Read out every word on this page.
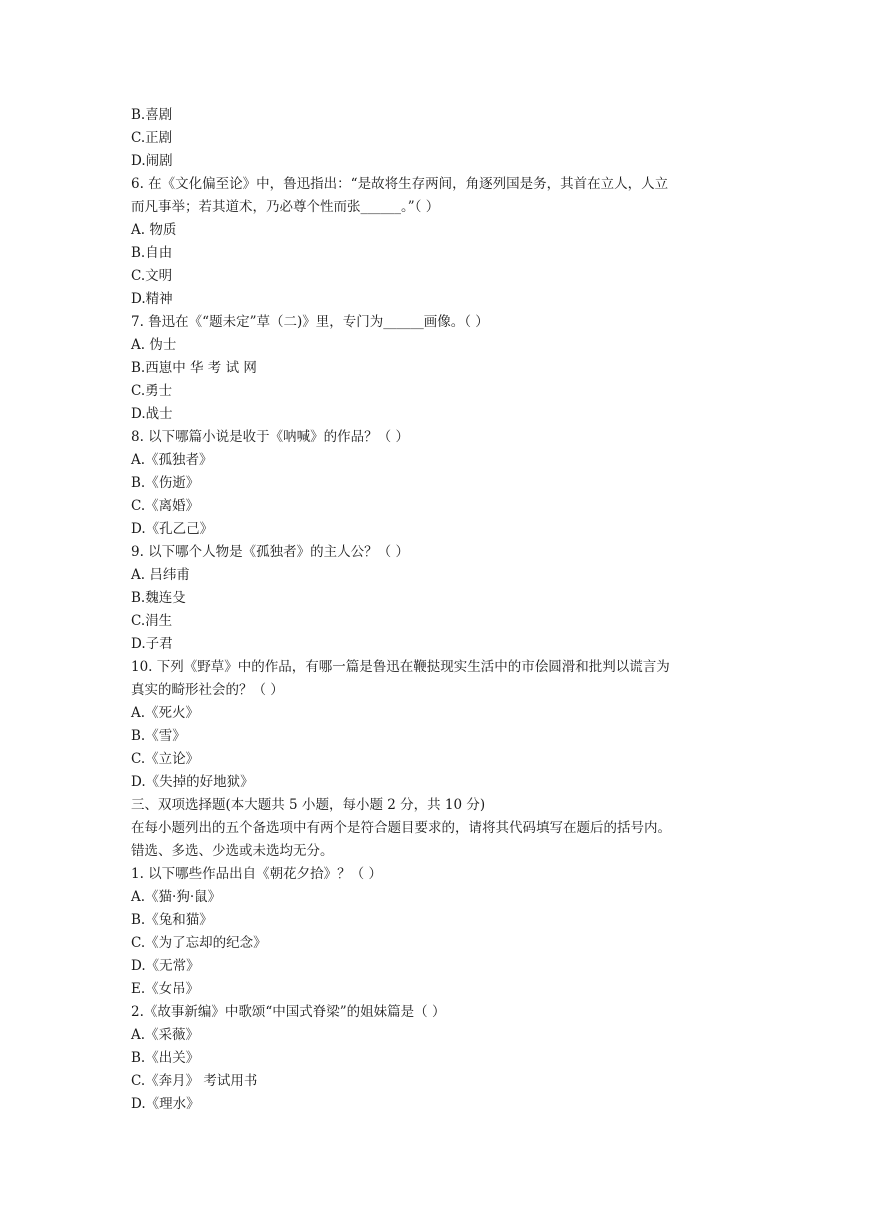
B.喜剧
C.正剧
D.闹剧
6. 在《文化偏至论》中，鲁迅指出：“是故将生存两间，角逐列国是务，其首在立人，人立
而凡事举；若其道术，乃必尊个性而张______。”（ ）
A. 物质
B.自由
C.文明
D.精神
7. 鲁迅在《“题未定”草（二)》里，专门为______画像。（ ）
A. 伪士
B.西崽中 华 考 试 网
C.勇士
D.战士
8. 以下哪篇小说是收于《呐喊》的作品？（ ）
A.《孤独者》
B.《伤逝》
C.《离婚》
D.《孔乙己》
9. 以下哪个人物是《孤独者》的主人公？（ ）
A. 吕纬甫
B.魏连殳
C.涓生
D.子君
10. 下列《野草》中的作品，有哪一篇是鲁迅在鞭挞现实生活中的市侩圆滑和批判以谎言为
真实的畸形社会的？（ ）
A.《死火》
B.《雪》
C.《立论》
D.《失掉的好地狱》
三、双项选择题(本大题共 5 小题，每小题 2 分，共 10 分)
在每小题列出的五个备选项中有两个是符合题目要求的，请将其代码填写在题后的括号内。
错选、多选、少选或未选均无分。
1. 以下哪些作品出自《朝花夕拾》？（ ）
A.《猫·狗·鼠》
B.《兔和猫》
C.《为了忘却的纪念》
D.《无常》
E.《女吊》
2.《故事新编》中歌颂“中国式脊梁”的姐妹篇是（ ）
A.《采薇》
B.《出关》
C.《奔月》 考试用书
D.《理水》
